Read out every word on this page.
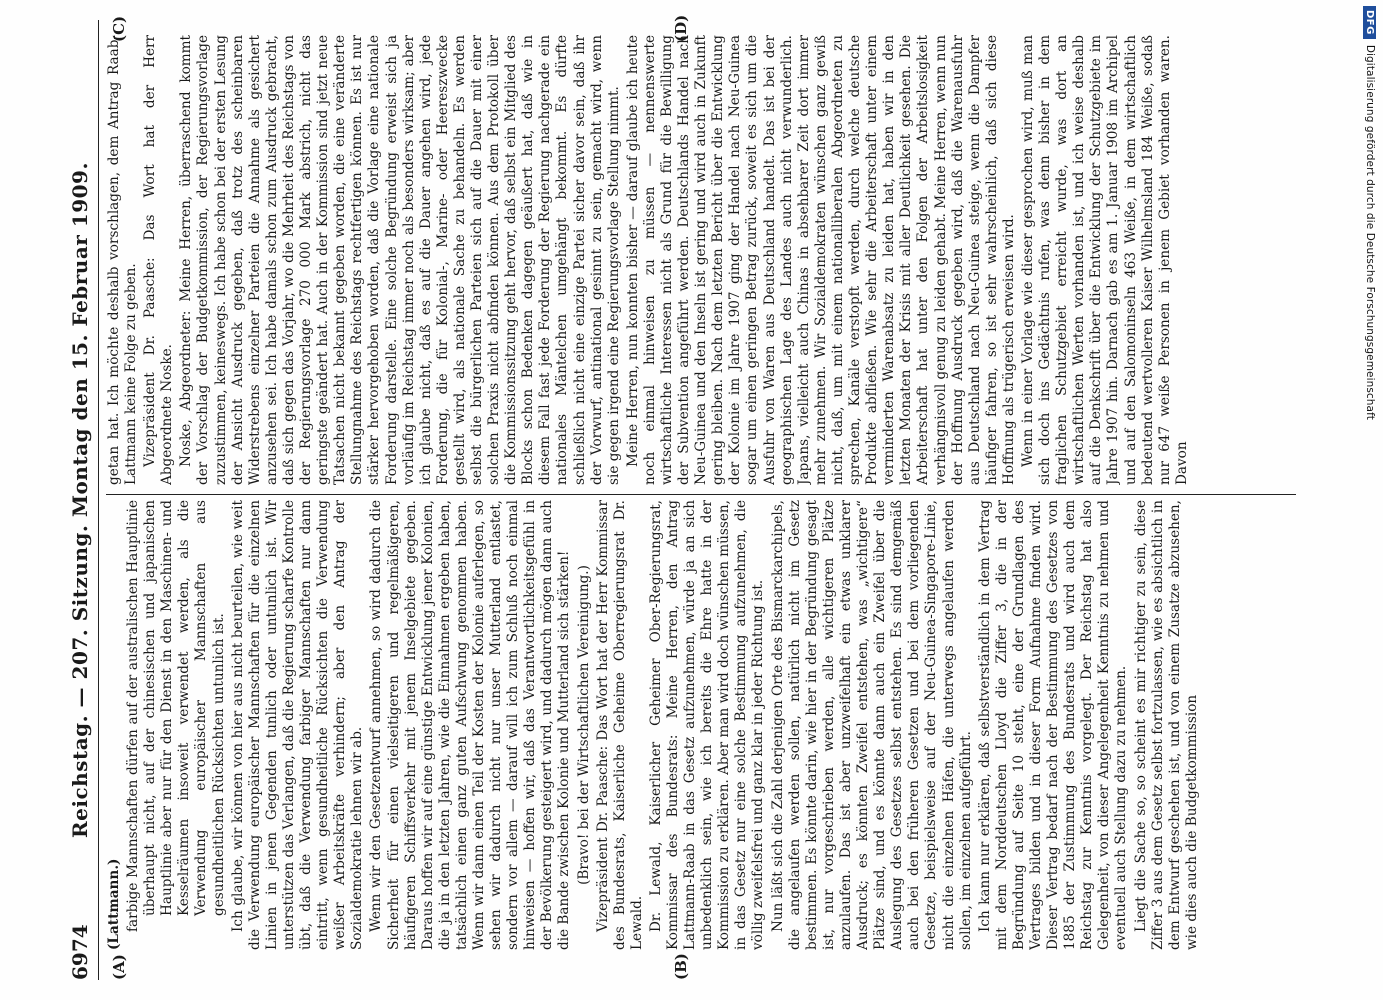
6974
Reichstag. — 207. Sitzung. Montag den 15. Februar 1909.
(A)	(B)
(C)	(D)

(Lattmann.) farbige Mannschaften dürfen auf der australischen Hauptlinie überhaupt nicht, auf der chinesischen und japanischen Hauptlinie aber nur für den Dienst in den Maschinen- und Kesselräumen insoweit verwendet werden, als die Verwendung europäischer Mannschaften aus gesundheitlichen Rücksichten untunlich ist. Ich glaube, wir können von hier aus nicht beurteilen, wie weit die Verwendung europäischer Mannschaften für die einzelnen Linien in jenen Gegenden tunlich oder untunlich ist. Wir unterstützen das Verlangen, daß die Regierung scharfe Kontrolle übt, daß die Verwendung farbiger Mannschaften nur dann eintritt, wenn gesundheitliche Rücksichten die Verwendung weißer Arbeitskräfte verhindern; aber den Antrag der Sozialdemokratie lehnen wir ab. Wenn wir den Gesetzentwurf annehmen, so wird dadurch die Sicherheit für einen vielseitigeren und regelmäßigeren, häufigeren Schiffsverkehr mit jenem Inselgebiete gegeben. Daraus hoffen wir auf eine günstige Entwicklung jener Kolonien, die ja in den letzten Jahren, wie die Einnahmen ergeben haben, tatsächlich einen ganz guten Aufschwung genommen haben. Wenn wir dann einen Teil der Kosten der Kolonie auferlegen, so sehen wir dadurch nicht nur unser Mutterland entlastet, sondern vor allem — darauf will ich zum Schluß noch einmal hinweisen — hoffen wir, daß das Verantwortlichkeitsgefühl in der Bevölkerung gesteigert wird, und dadurch mögen dann auch die Bande zwischen Kolonie und Mutterland sich stärken! (Bravo! bei der Wirtschaftlichen Vereinigung.) Vizepräsident Dr. Paasche: Das Wort hat der Herr Kommissar des Bundesrats, Kaiserliche Geheime Oberregierungsrat Dr. Lewald. Dr. Lewald, Kaiserlicher Geheimer Ober-Regierungsrat, Kommissar des Bundesrats: Meine Herren, den Antrag Lattmann-Raab in das Gesetz aufzunehmen, würde ja an sich unbedenklich sein, wie ich bereits die Ehre hatte in der Kommission zu erklären. Aber man wird doch wünschen müssen, in das Gesetz nur eine solche Bestimmung aufzunehmen, die völlig zweifelsfrei und ganz klar in jeder Richtung ist. Nun läßt sich die Zahl derjenigen Orte des Bismarckarchipels, die angelaufen werden sollen, natürlich nicht im Gesetz bestimmen. Es könnte darin, wie hier in der Begründung gesagt ist, nur vorgeschrieben werden, alle wichtigeren Plätze anzulaufen. Das ist aber unzweifelhaft ein etwas unklarer Ausdruck; es könnten Zweifel entstehen, was „wichtigere“ Plätze sind, und es könnte dann auch ein Zweifel über die Auslegung des Gesetzes selbst entstehen. Es sind demgemäß auch bei den früheren Gesetzen und bei dem vorliegenden Gesetze, beispielsweise auf der Neu-Guinea-Singapore-Linie, nicht die einzelnen Häfen, die unterwegs angelaufen werden sollen, im einzelnen aufgeführt. Ich kann nur erklären, daß selbstverständlich in dem Vertrag mit dem Norddeutschen Lloyd die Ziffer 3, die in der Begründung auf Seite 10 steht, eine der Grundlagen des Vertrages bilden und in dieser Form Aufnahme finden wird. Dieser Vertrag bedarf nach der Bestimmung des Gesetzes von 1885 der Zustimmung des Bundesrats und wird auch dem Reichstag zur Kenntnis vorgelegt. Der Reichstag hat also Gelegenheit, von dieser Angelegenheit Kenntnis zu nehmen und eventuell auch Stellung dazu zu nehmen. Liegt die Sache so, so scheint es mir richtiger zu sein, diese Ziffer 3 aus dem Gesetz selbst fortzulassen, wie es absichtlich in dem Entwurf geschehen ist, und von einem Zusatze abzusehen, wie dies auch die Budgetkommission

getan hat. Ich möchte deshalb vorschlagen, dem Antrag Raab-Lattmann keine Folge zu geben. Vizepräsident Dr. Paasche: Das Wort hat der Herr Abgeordnete Noske. Noske, Abgeordneter: Meine Herren, überraschend kommt der Vorschlag der Budgetkommission, der Regierungsvorlage zuzustimmen, keineswegs. Ich habe schon bei der ersten Lesung der Ansicht Ausdruck gegeben, daß trotz des scheinbaren Widerstrebens einzelner Parteien die Annahme als gesichert anzusehen sei. Ich habe damals schon zum Ausdruck gebracht, daß sich gegen das Vorjahr, wo die Mehrheit des Reichstags von der Regierungsvorlage 270 000 Mark abstrich, nicht das geringste geändert hat. Auch in der Kommission sind jetzt neue Tatsachen nicht bekannt gegeben worden, die eine veränderte Stellungnahme des Reichstags rechtfertigen können. Es ist nur stärker hervorgehoben worden, daß die Vorlage eine nationale Forderung darstelle. Eine solche Begründung erweist sich ja vorläufig im Reichstag immer noch als besonders wirksam; aber ich glaube nicht, daß es auf die Dauer angehen wird, jede Forderung, die für Kolonial-, Marine- oder Heereszwecke gestellt wird, als nationale Sache zu behandeln. Es werden selbst die bürgerlichen Parteien sich auf die Dauer mit einer solchen Praxis nicht abfinden können. Aus dem Protokoll über die Kommissionssitzung geht hervor, daß selbst ein Mitglied des Blocks schon Bedenken dagegen geäußert hat, daß wie in diesem Fall fast jede Forderung der Regierung nachgerade ein nationales Mäntelchen umgehängt bekommt. Es dürfte schließlich nicht eine einzige Partei sicher davor sein, daß ihr der Vorwurf, antinational gesinnt zu sein, gemacht wird, wenn sie gegen irgend eine Regierungsvorlage Stellung nimmt. Meine Herren, nun konnten bisher — darauf glaube ich heute noch einmal hinweisen zu müssen — nennenswerte wirtschaftliche Interessen nicht als Grund für die Bewilligung der Subvention angeführt werden. Deutschlands Handel nach Neu-Guinea und den Inseln ist gering und wird auch in Zukunft gering bleiben. Nach dem letzten Bericht über die Entwicklung der Kolonie im Jahre 1907 ging der Handel nach Neu-Guinea sogar um einen geringen Betrag zurück, soweit es sich um die Ausfuhr von Waren aus Deutschland handelt. Das ist bei der geographischen Lage des Landes auch nicht verwunderlich. Japans, vielleicht auch Chinas in absehbarer Zeit dort immer mehr zunehmen. Wir Sozialdemokraten wünschen ganz gewiß nicht, daß, um mit einem nationalliberalen Abgeordneten zu sprechen, Kanäle verstopft werden, durch welche deutsche Produkte abfließen. Wie sehr die Arbeiterschaft unter einem verminderten Warenabsatz zu leiden hat, haben wir in den letzten Monaten der Krisis mit aller Deutlichkeit gesehen. Die Arbeiterschaft hat unter den Folgen der Arbeitslosigkeit verhängnisvoll genug zu leiden gehabt. Meine Herren, wenn nun der Hoffnung Ausdruck gegeben wird, daß die Warenausfuhr aus Deutschland nach Neu-Guinea steige, wenn die Dampfer häufiger fahren, so ist sehr wahrscheinlich, daß sich diese Hoffnung als trügerisch erweisen wird. Wenn in einer Vorlage wie dieser gesprochen wird, muß man sich doch ins Gedächtnis rufen, was denn bisher in dem fraglichen Schutzgebiet erreicht wurde, was dort an wirtschaftlichen Werten vorhanden ist, und ich weise deshalb auf die Denkschrift über die Entwicklung der Schutzgebiete im Jahre 1907 hin. Darnach gab es am 1. Januar 1908 im Archipel und auf den Salomoninseln 463 Weiße, in dem wirtschaftlich bedeutend wertvolleren Kaiser Wilhelmsland 184 Weiße, sodaß nur 647 weiße Personen in jenem Gebiet vorhanden waren. Davon

DFG
Digitalisierung gefördert durch die Deutsche Forschungsgemeinschaft
